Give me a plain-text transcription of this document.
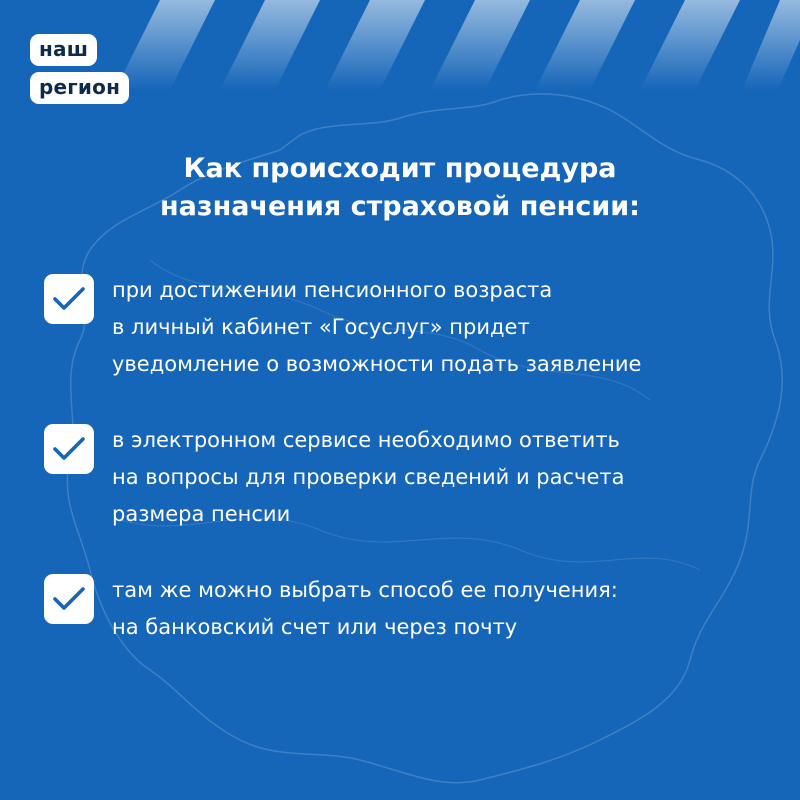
наш
регион
Как происходит процедура
назначения страховой пенсии:
при достижении пенсионного возраста
в личный кабинет «Госуслуг» придет
уведомление о возможности подать заявление
в электронном сервисе необходимо ответить
на вопросы для проверки сведений и расчета
размера пенсии
там же можно выбрать способ ее получения:
на банковский счет или через почту
